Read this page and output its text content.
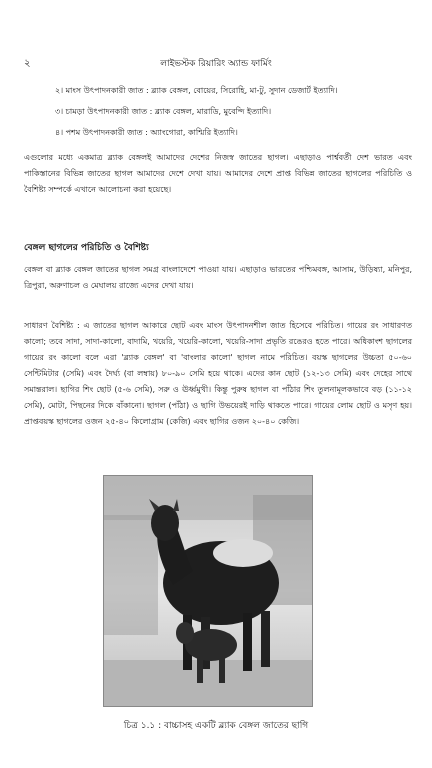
২	লাইভস্টক রিয়ারিং অ্যান্ড ফার্মিং
২। মাংস উৎপাদনকারী জাত : ব্ল্যাক বেঙ্গল, বোয়ের, সিরোহি, মা-টু, সুদান ডেজার্ট ইত্যাদি।
৩। চামড়া উৎপাদনকারী জাত : ব্ল্যাক বেঙ্গল, মারাডি, মুবেন্দি ইত্যাদি।
৪। পশম উৎপাদনকারী জাত : অ্যাংগোরা, কাশ্মিরি ইত্যাদি।

এগুলোর মধ্যে একমাত্র ব্ল্যাক বেঙ্গলই আমাদের দেশের নিজস্ব জাতের ছাগল। এছাড়াও পার্শ্ববর্তী দেশ ভারত এবং পাকিস্তানের বিভিন্ন জাতের ছাগল আমাদের দেশে দেখা যায়। আমাদের দেশে প্রাপ্ত বিভিন্ন জাতের ছাগলের পরিচিতি ও বৈশিষ্ট্য সম্পর্কে এখানে আলোচনা করা হয়েছে।

বেঙ্গল ছাগলের পরিচিতি ও বৈশিষ্ট্য

বেঙ্গল বা ব্ল্যাক বেঙ্গল জাতের ছাগল সমগ্র বাংলাদেশে পাওয়া যায়। এছাড়াও ভারতের পশ্চিমবঙ্গ, আসাম, উড়িষ্যা, মনিপুর, ত্রিপুরা, অরুণাচল ও মেঘালয় রাজ্যে এদের দেখা যায়।

সাধারণ বৈশিষ্ট্য : এ জাতের ছাগল আকারে ছোট এবং মাংস উৎপাদনশীল জাত হিসেবে পরিচিত। গায়ের রং সাধারণত কালো; তবে সাদা, সাদা-কালো, বাদামি, খয়েরি, খয়েরি-কালো, খয়েরি-সাদা প্রভৃতি রঙেরও হতে পারে। অধিকাংশ ছাগলের গায়ের রং কালো বলে এরা 'ব্ল্যাক বেঙ্গল' বা 'বাংলার কালো' ছাগল নামে পরিচিত। বয়স্ক ছাগলের উচ্চতা ৫০-৬০ সেন্টিমিটার (সেমি) এবং দৈর্ঘ্য (বা লম্বায়) ৮০-৯০ সেমি হয়ে থাকে। এদের কান ছোট (১২-১৩ সেমি) এবং দেহের সাথে সমান্তরাল। ছাগির শিং ছোট (৫-৬ সেমি), সরু ও ঊর্ধ্বমুখী। কিন্তু পুরুষ ছাগল বা পাঁঠার শিং তুলনামূলকভাবে বড় (১১-১২ সেমি), মোটা, পিছনের দিকে বাঁকানো। ছাগল (পাঁঠা) ও ছাগি উভয়েরই দাড়ি থাকতে পারে। গায়ের লোম ছোট ও মসৃণ হয়। প্রাপ্তবয়স্ক ছাগলের ওজন ২৫-৪০ কিলোগ্রাম (কেজি) এবং ছাগির ওজন ২০-৪০ কেজি।

চিত্র ১.১ : বাচ্চাসহ একটি ব্ল্যাক বেঙ্গল জাতের ছাগি
